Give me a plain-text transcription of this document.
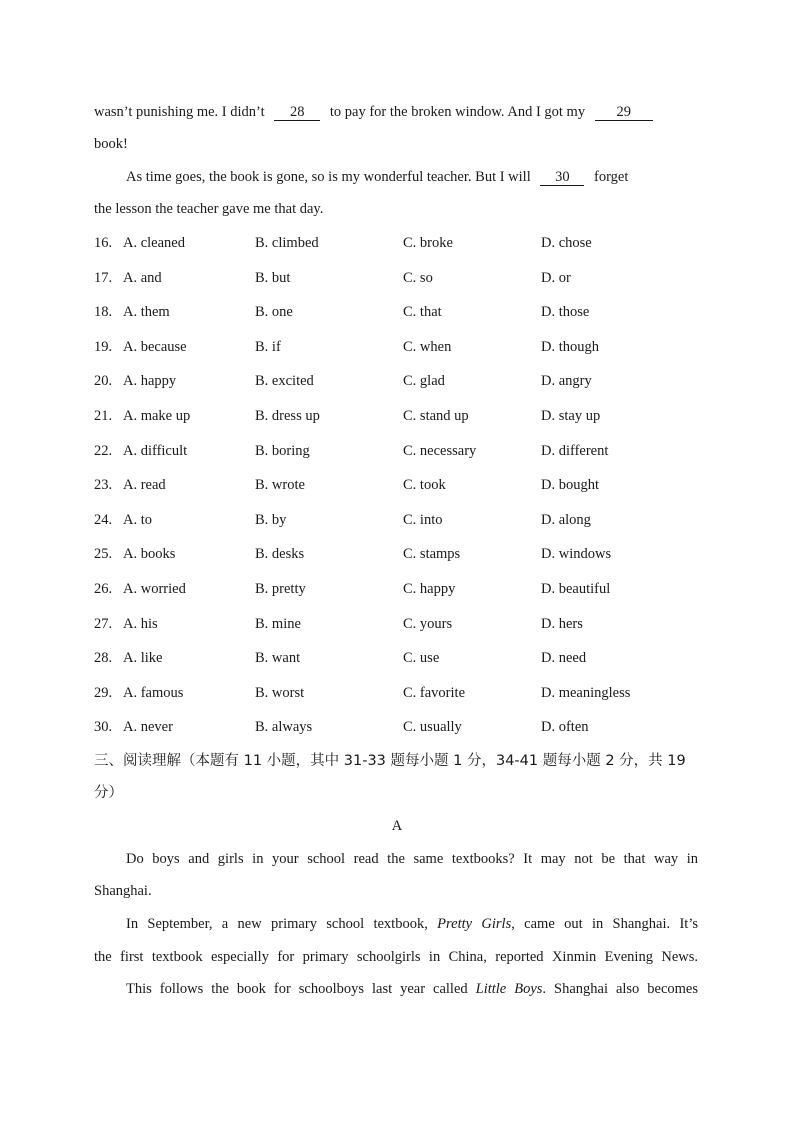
wasn’t punishing me. I didn’t 28 to pay for the broken window. And I got my 29
book!
As time goes, the book is gone, so is my wonderful teacher. But I will 30 forget
the lesson the teacher gave me that day.
16. A. cleaned	B. climbed	C. broke	D. chose
17. A. and	B. but	C. so	D. or
18. A. them	B. one	C. that	D. those
19. A. because	B. if	C. when	D. though
20. A. happy	B. excited	C. glad	D. angry
21. A. make up	B. dress up	C. stand up	D. stay up
22. A. difficult	B. boring	C. necessary	D. different
23. A. read	B. wrote	C. took	D. bought
24. A. to	B. by	C. into	D. along
25. A. books	B. desks	C. stamps	D. windows
26. A. worried	B. pretty	C. happy	D. beautiful
27. A. his	B. mine	C. yours	D. hers
28. A. like	B. want	C. use	D. need
29. A. famous	B. worst	C. favorite	D. meaningless
30. A. never	B. always	C. usually	D. often
三、阅读理解（本题有 11 小题，其中 31-33 题每小题 1 分，34-41 题每小题 2 分，共 19
分）
A
Do boys and girls in your school read the same textbooks? It may not be that way in
Shanghai.
In September, a new primary school textbook, Pretty Girls, came out in Shanghai. It’s
the first textbook especially for primary schoolgirls in China, reported Xinmin Evening News.
This follows the book for schoolboys last year called Little Boys. Shanghai also becomes
